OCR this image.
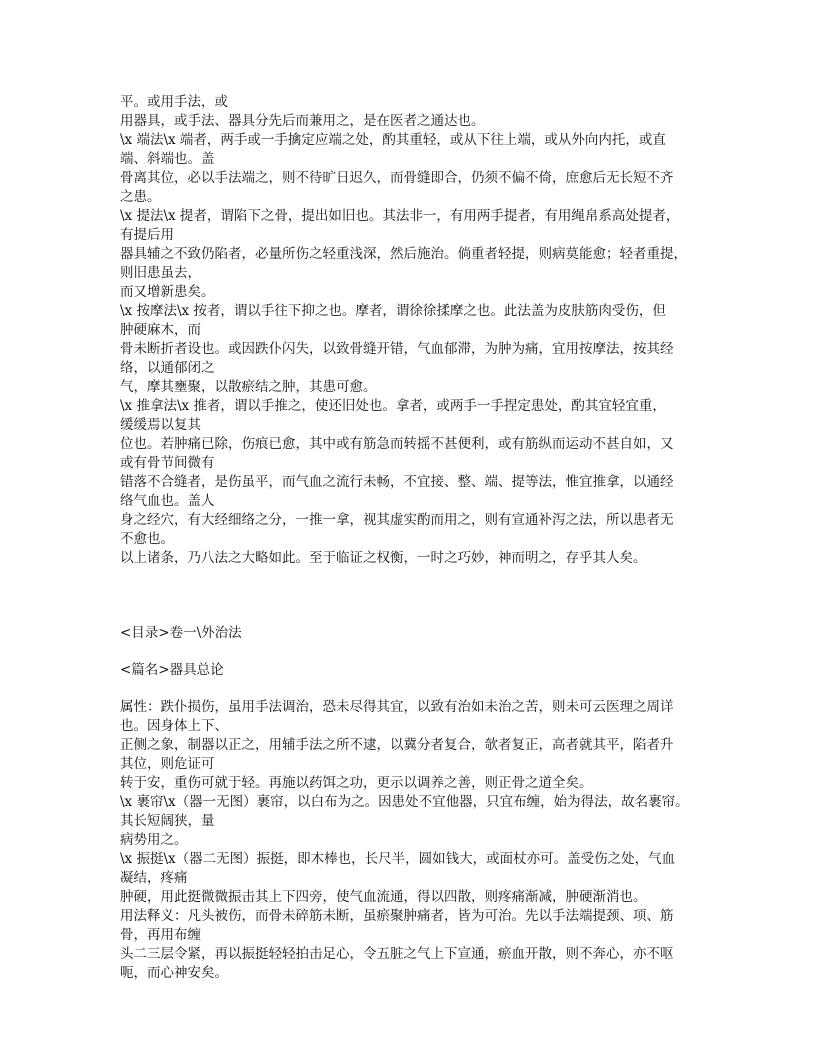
平。或用手法，或
用器具，或手法、器具分先后而兼用之，是在医者之通达也。
\x 端法\x 端者，两手或一手擒定应端之处，酌其重轻，或从下往上端，或从外向内托，或直
端、斜端也。盖
骨离其位，必以手法端之，则不待旷日迟久，而骨缝即合，仍须不偏不倚，庶愈后无长短不齐
之患。
\x 提法\x 提者，谓陷下之骨，提出如旧也。其法非一，有用两手提者，有用绳帛系高处提者，
有提后用
器具辅之不致仍陷者，必量所伤之轻重浅深，然后施治。倘重者轻提，则病莫能愈；轻者重提，
则旧患虽去，
而又增新患矣。
\x 按摩法\x 按者，谓以手往下抑之也。摩者，谓徐徐揉摩之也。此法盖为皮肤筋肉受伤，但
肿硬麻木，而
骨未断折者设也。或因跌仆闪失，以致骨缝开错，气血郁滞，为肿为痛，宜用按摩法，按其经
络，以通郁闭之
气，摩其壅聚，以散瘀结之肿，其患可愈。
\x 推拿法\x 推者，谓以手推之，使还旧处也。拿者，或两手一手捏定患处，酌其宜轻宜重，
缓缓焉以复其
位也。若肿痛已除，伤痕已愈，其中或有筋急而转摇不甚便利，或有筋纵而运动不甚自如，又
或有骨节间微有
错落不合缝者，是伤虽平，而气血之流行未畅，不宜接、整、端、提等法，惟宜推拿，以通经
络气血也。盖人
身之经穴，有大经细络之分，一推一拿，视其虚实酌而用之，则有宣通补泻之法，所以患者无
不愈也。
以上诸条，乃八法之大略如此。至于临证之权衡，一时之巧妙，神而明之，存乎其人矣。
<目录>卷一\外治法
<篇名>器具总论
属性：跌仆损伤，虽用手法调治，恐未尽得其宜，以致有治如未治之苦，则未可云医理之周详
也。因身体上下、
正侧之象，制器以正之，用辅手法之所不逮，以冀分者复合，欹者复正，高者就其平，陷者升
其位，则危证可
转于安，重伤可就于轻。再施以药饵之功，更示以调养之善，则正骨之道全矣。
\x 裹帘\x（器一无图）裹帘，以白布为之。因患处不宜他器，只宜布缠，始为得法，故名裹帘。
其长短阔狭，量
病势用之。
\x 振挺\x（器二无图）振挺，即木棒也，长尺半，圆如钱大，或面杖亦可。盖受伤之处，气血
凝结，疼痛
肿硬，用此挺微微振击其上下四旁，使气血流通，得以四散，则疼痛渐减，肿硬渐消也。
用法释义：凡头被伤，而骨未碎筋未断，虽瘀聚肿痛者，皆为可治。先以手法端提颈、项、筋
骨，再用布缠
头二三层令紧，再以振挺轻轻拍击足心，令五脏之气上下宣通，瘀血开散，则不奔心，亦不呕
呃，而心神安矣。
